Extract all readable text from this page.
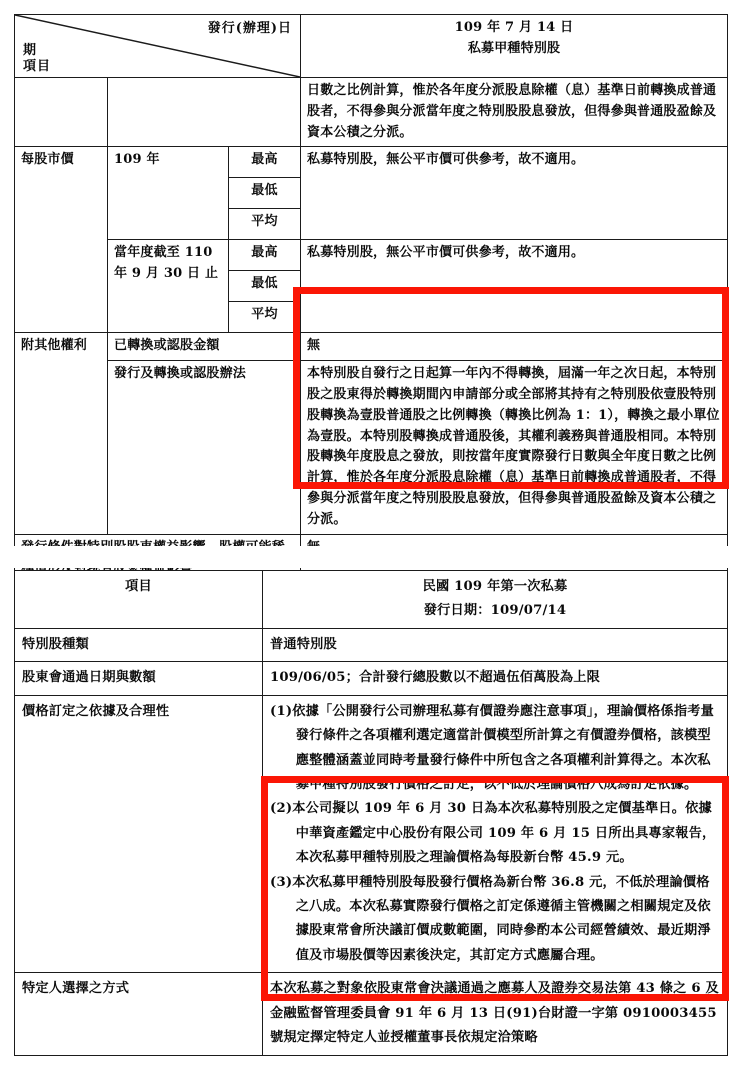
發行(辦理)日
期
項目

109 年 7 月 14 日
私募甲種特別股

			日數之比例計算，惟於各年度分派股息除權（息）基準日前轉換成普通股者，不得參與分派當年度之特別股股息發放，但得參與普通股盈餘及資本公積之分派。
每股市價	109 年	最高	私募特別股，無公平市價可供參考，故不適用。
		最低	
		平均	
	當年度截至 110 年 9 月 30 日 止	最高	私募特別股，無公平市價可供參考，故不適用。
		最低	
		平均	
附其他權利	已轉換或認股金額		無
	發行及轉換或認股辦法		本特別股自發行之日起算一年內不得轉換，屆滿一年之次日起，本特別股之股東得於轉換期間內申請部分或全部將其持有之特別股依壹股特別股轉換為壹股普通股之比例轉換（轉換比例為 1：1），轉換之最小單位為壹股。本特別股轉換成普通股後，其權利義務與普通股相同。本特別股轉換年度股息之發放，則按當年度實際發行日數與全年度日數之比例計算，惟於各年度分派股息除權（息）基準日前轉換成普通股者，不得參與分派當年度之特別股股息發放，但得參與普通股盈餘及資本公積之分派。

項目	民國 109 年第一次私募
發行日期：109/07/14

特別股種類	普通特別股
股東會通過日期與數額	109/06/05；合計發行總股數以不超過伍佰萬股為上限
價格訂定之依據及合理性	(1)依據「公開發行公司辦理私募有價證券應注意事項」，理論價格係指考量發行條件之各項權利選定適當計價模型所計算之有價證券價格，該模型應整體涵蓋並同時考量發行條件中所包含之各項權利計算得之。本次私募甲種特別股發行價格之訂定，以不低於理論價格八成為訂定依據。

(2)本公司擬以 109 年 6 月 30 日為本次私募特別股之定價基準日。依據中華資產鑑定中心股份有限公司 109 年 6 月 15 日所出具專家報告，本次私募甲種特別股之理論價格為每股新台幣 45.9 元。

(3)本次私募甲種特別股每股發行價格為新台幣 36.8 元，不低於理論價格之八成。本次私募實際發行價格之訂定係遵循主管機關之相關規定及依據股東常會所決議訂價成數範圍，同時參酌本公司經營績效、最近期淨值及市場股價等因素後決定，其訂定方式應屬合理。

特定人選擇之方式	本次私募之對象依股東常會決議通過之應募人及證券交易法第 43 條之 6 及金融監督管理委員會 91 年 6 月 13 日(91)台財證一字第 0910003455 號規定擇定特定人並授權董事長依規定洽策略
